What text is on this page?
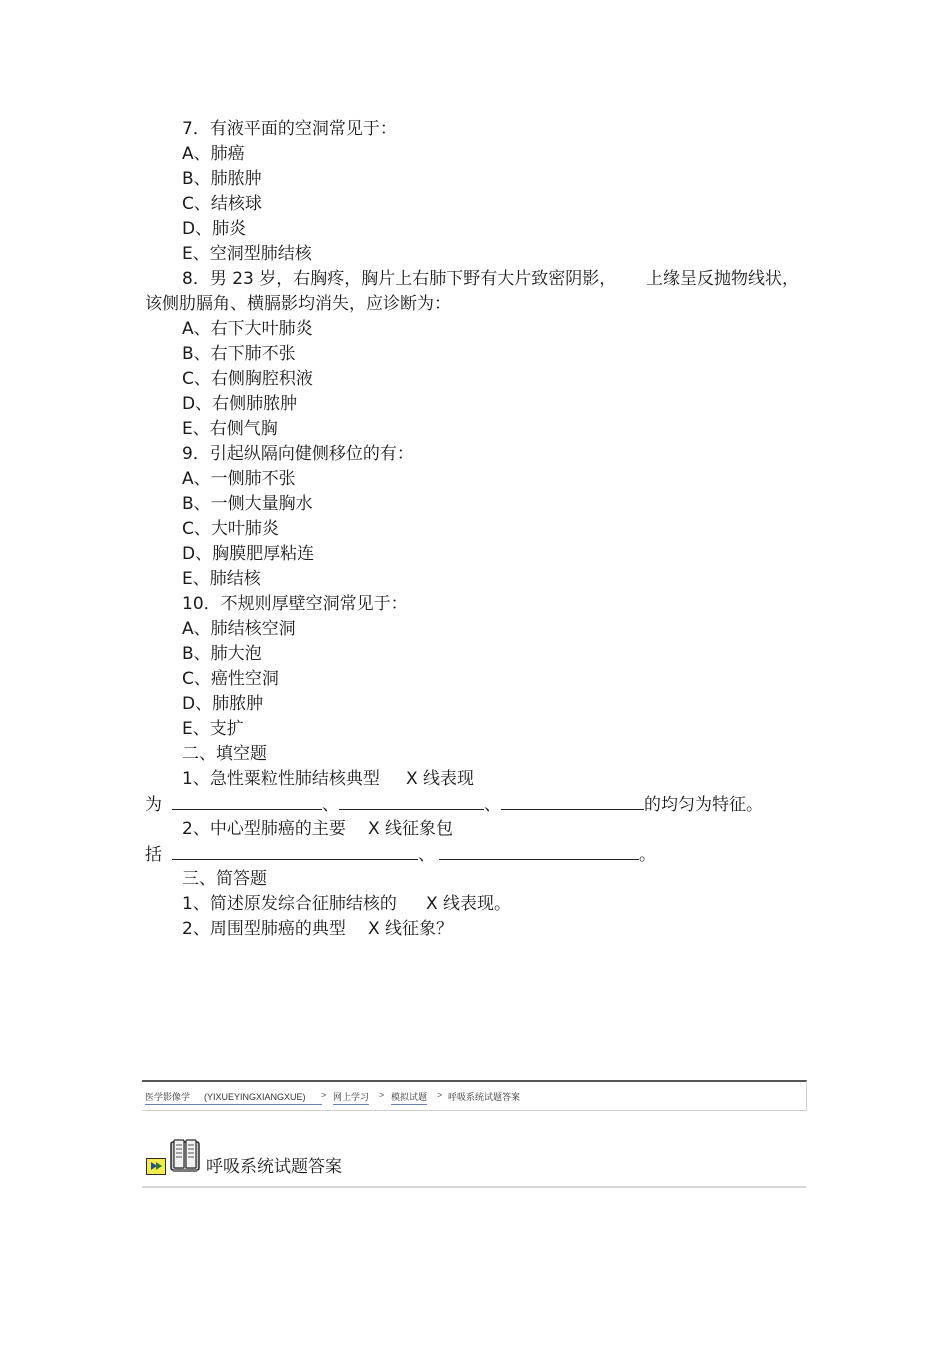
7．有液平面的空洞常见于：
A、肺癌
B、肺脓肿
C、结核球
D、肺炎
E、空洞型肺结核
8．男 23 岁，右胸疼，胸片上右肺下野有大片致密阴影， 上缘呈反抛物线状，
该侧肋膈角、横膈影均消失，应诊断为：
A、右下大叶肺炎
B、右下肺不张
C、右侧胸腔积液
D、右侧肺脓肿
E、右侧气胸
9．引起纵隔向健侧移位的有：
A、一侧肺不张
B、一侧大量胸水
C、大叶肺炎
D、胸膜肥厚粘连
E、肺结核
10．不规则厚壁空洞常见于：
A、肺结核空洞
B、肺大泡
C、癌性空洞
D、肺脓肿
E、支扩
二、填空题
1、急性粟粒性肺结核典型 X 线表现
为	、	、	的均匀为特征。
2、中心型肺癌的主要 X 线征象包
括	、	。
三、简答题
1、简述原发综合征肺结核的 X 线表现。
2、周围型肺癌的典型 X 线征象？
医学影像学 (YIXUEYINGXIANGXUE)	> 网上学习 > 模拟试题 > 呼吸系统试题答案
呼吸系统试题答案
